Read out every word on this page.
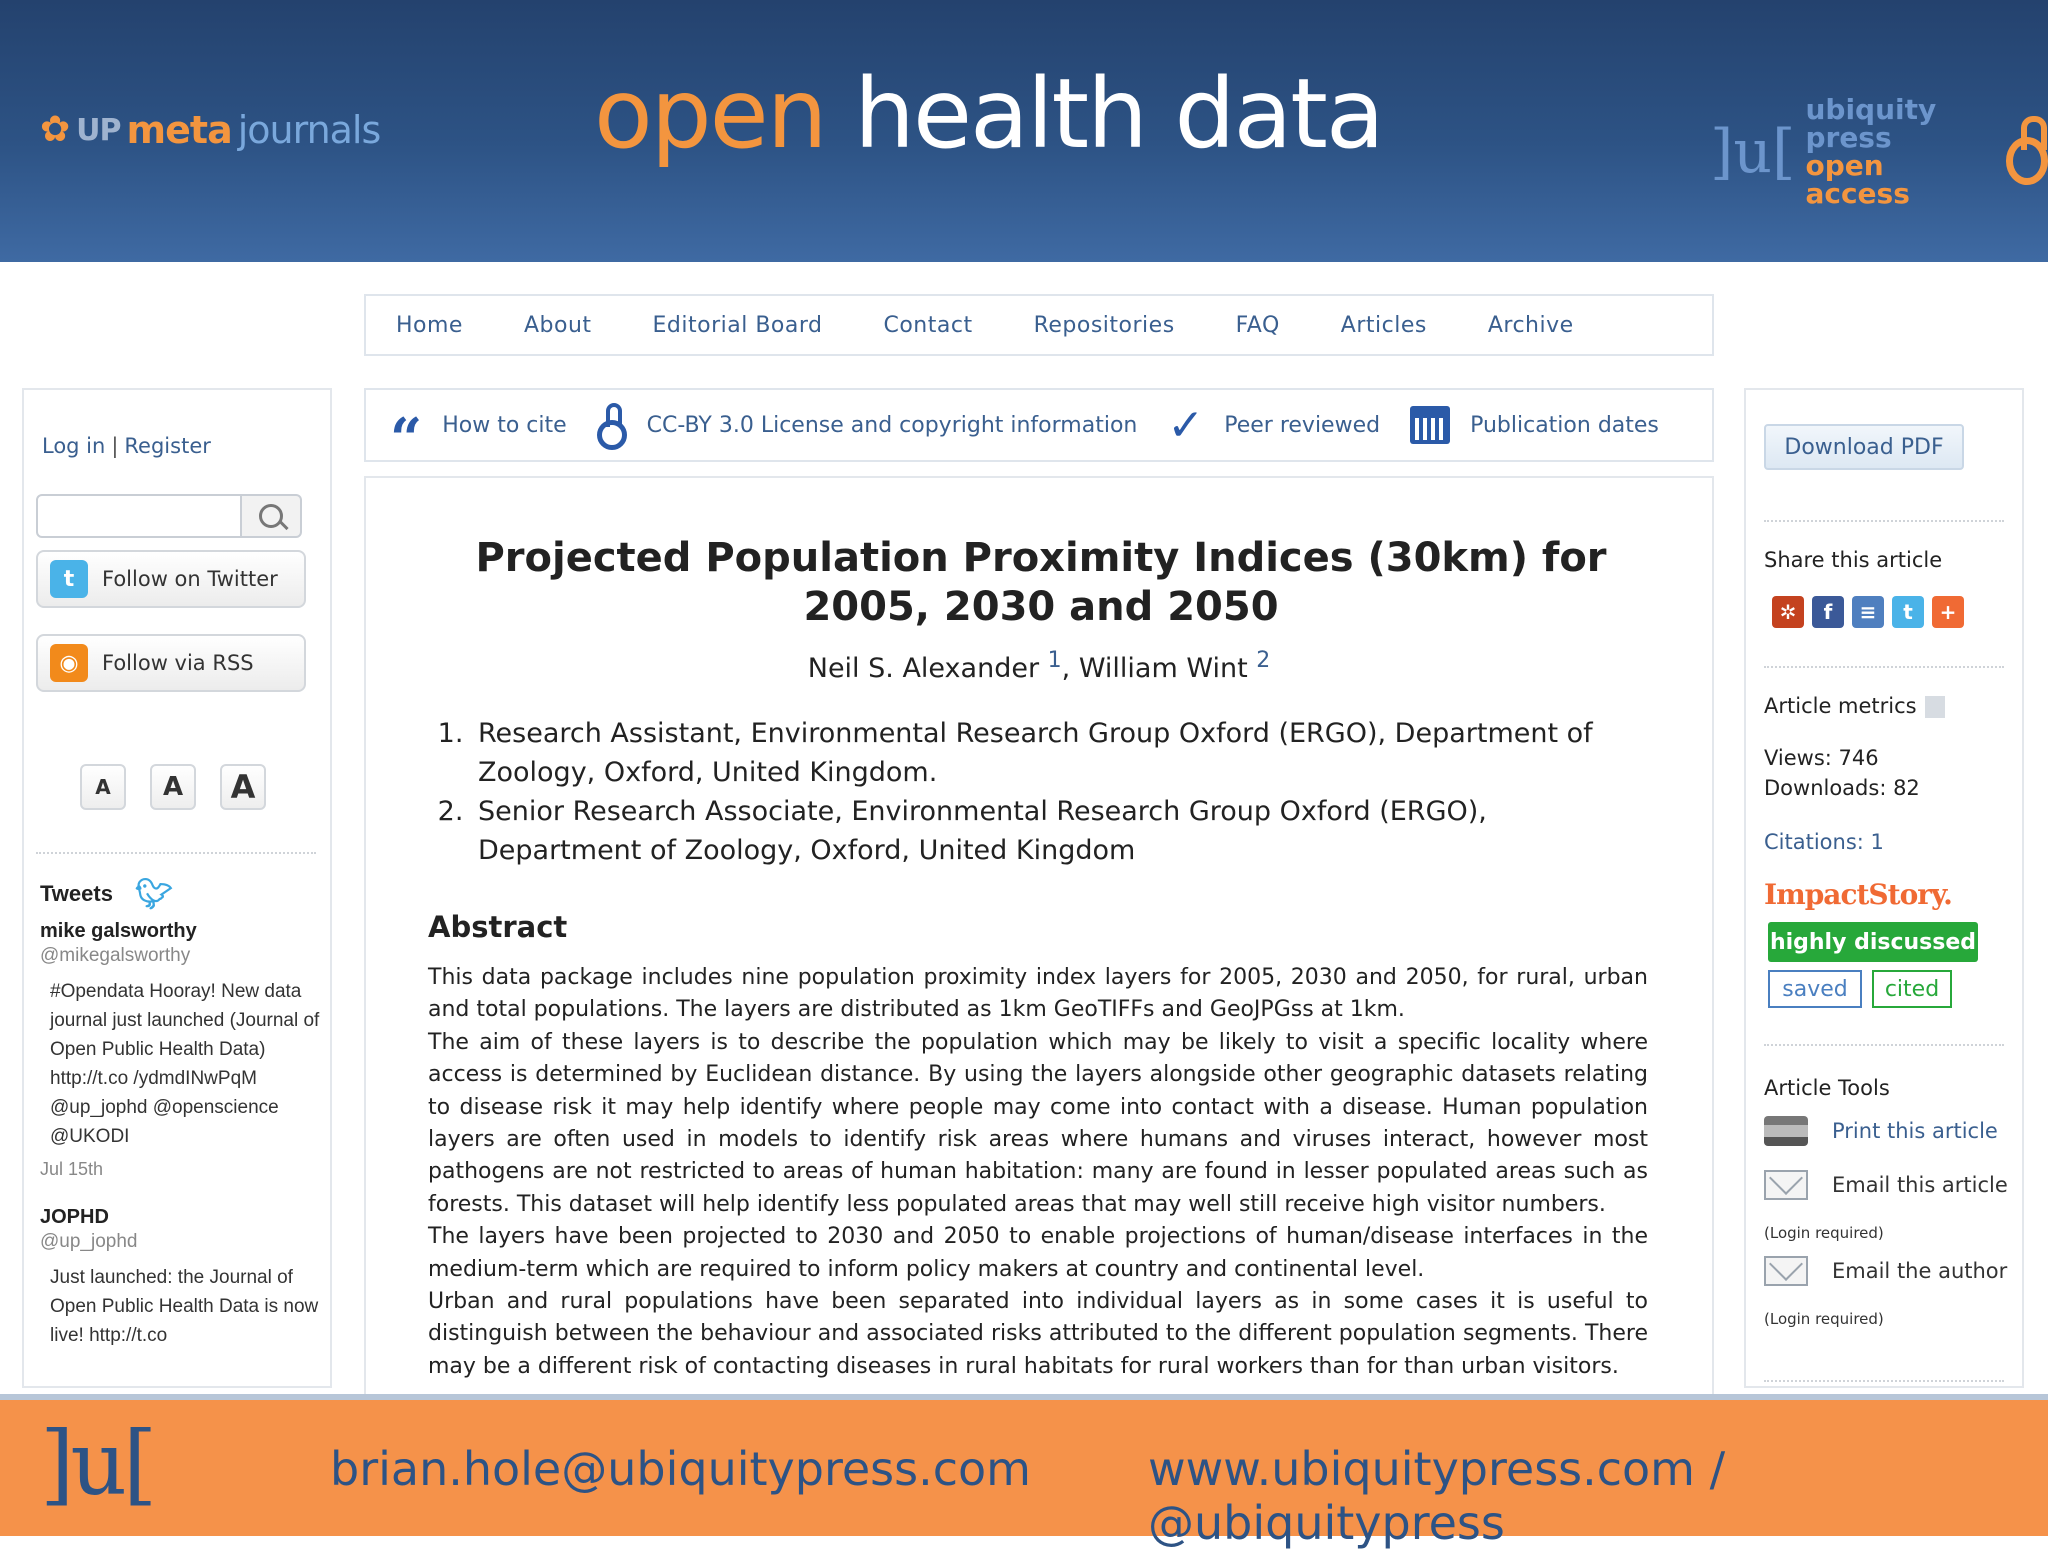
✿ UP meta journals open health data	]u[
ubiquity press
open access
Home	About	Editorial Board	Contact	Repositories	FAQ	Articles	Archive
Log in | Register
t	Follow on Twitter
◉	Follow via RSS
A	A	A
Tweets 🐦︎
mike galsworthy
@mikegalsworthy
#Opendata Hooray! New data journal just launched (Journal of Open Public Health Data) http://t.co /ydmdINwPqM @up_jophd @openscience @UKODI
Jul 15th
JOPHD
@up_jophd
Just launched: the Journal of Open Public Health Data is now live! http://t.co
“ How to cite	CC-BY 3.0 License and copyright information ✓ Peer reviewed	Publication dates
Projected Population Proximity Indices (30km) for 2005, 2030 and 2050
Neil S. Alexander $^1$, William Wint $^2$
1. Research Assistant, Environmental Research Group Oxford (ERGO), Department of Zoology, Oxford, United Kingdom.
2. Senior Research Associate, Environmental Research Group Oxford (ERGO), Department of Zoology, Oxford, United Kingdom
Abstract

This data package includes nine population proximity index layers for 2005, 2030 and 2050, for rural, urban and total populations. The layers are distributed as 1km GeoTIFFs and GeoJPGss at 1km.

The aim of these layers is to describe the population which may be likely to visit a specific locality where access is determined by Euclidean distance. By using the layers alongside other geographic datasets relating to disease risk it may help identify where people may come into contact with a disease. Human population layers are often used in models to identify risk areas where humans and viruses interact, however most pathogens are not restricted to areas of human habitation: many are found in lesser populated areas such as forests. This dataset will help identify less populated areas that may well still receive high visitor numbers.

The layers have been projected to 2030 and 2050 to enable projections of human/disease interfaces in the medium-term which are required to inform policy makers at country and continental level.

Urban and rural populations have been separated into individual layers as in some cases it is useful to distinguish between the behaviour and associated risks attributed to the different population segments. There may be a different risk of contacting diseases in rural habitats for rural workers than for than urban visitors.

Download PDF
Share this article
✲	f	≡	t	+
Article metrics
Views: 746
Downloads: 82
Citations: 1
ImpactStory.
highly discussed
saved	cited
Article Tools
Print this article
Email this article
(Login required)
Email the author
(Login required)
]u[	brian.hole@ubiquitypress.com	www.ubiquitypress.com / @ubiquitypress
